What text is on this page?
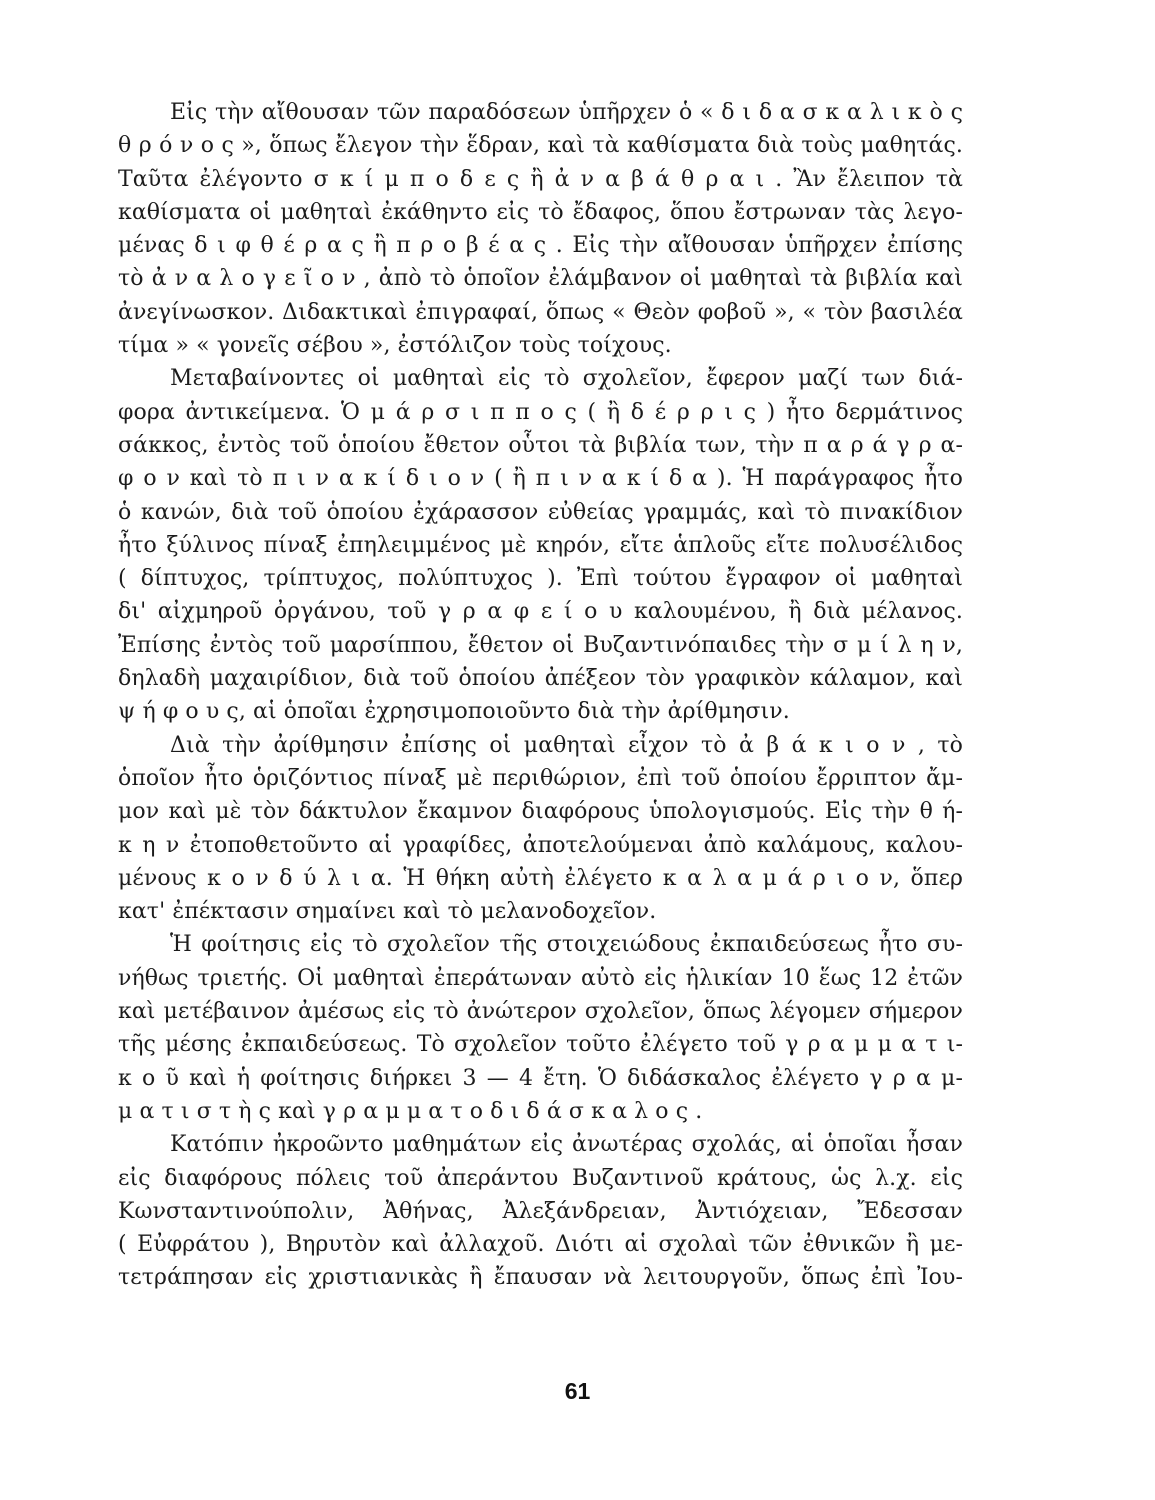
Εἰς τὴν αἴθουσαν τῶν παραδόσεων ὑπῆρχεν ὁ « δ ι δ α σ κ α λ ι κ ὸ ς
θ ρ ό ν ο ς », ὅπως ἔλεγον τὴν ἕδραν, καὶ τὰ καθίσματα διὰ τοὺς μαθητάς.
Ταῦτα ἐλέγοντο σ κ ί μ π ο δ ε ς ἢ ἀ ν α β ά θ ρ α ι . Ἂν ἔλειπον τὰ
καθίσματα οἱ μαθηταὶ ἐκάθηντο εἰς τὸ ἔδαφος, ὅπου ἔστρωναν τὰς λεγο-
μένας δ ι φ θ έ ρ α ς ἢ π ρ ο β έ α ς . Εἰς τὴν αἴθουσαν ὑπῆρχεν ἐπίσης
τὸ ἀ ν α λ ο γ ε ῖ ο ν , ἀπὸ τὸ ὁποῖον ἐλάμβανον οἱ μαθηταὶ τὰ βιβλία καὶ
ἀνεγίνωσκον. Διδακτικαὶ ἐπιγραφαί, ὅπως « Θεὸν φοβοῦ », « τὸν βασιλέα
τίμα » « γονεῖς σέβου », ἐστόλιζον τοὺς τοίχους.
Μεταβαίνοντες οἱ μαθηταὶ εἰς τὸ σχολεῖον, ἔφερον μαζί των διά-
φορα ἀντικείμενα. Ὁ μ ά ρ σ ι π π ο ς ( ἢ δ έ ρ ρ ι ς ) ἦτο δερμάτινος
σάκκος, ἐντὸς τοῦ ὁποίου ἔθετον οὗτοι τὰ βιβλία των, τὴν π α ρ ά γ ρ α-
φ ο ν καὶ τὸ π ι ν α κ ί δ ι ο ν ( ἢ π ι ν α κ ί δ α ). Ἡ παράγραφος ἦτο
ὁ κανών, διὰ τοῦ ὁποίου ἐχάρασσον εὐθείας γραμμάς, καὶ τὸ πινακίδιον
ἦτο ξύλινος πίναξ ἐπηλειμμένος μὲ κηρόν, εἴτε ἁπλοῦς εἴτε πολυσέλιδος
( δίπτυχος, τρίπτυχος, πολύπτυχος ). Ἐπὶ τούτου ἔγραφον οἱ μαθηταὶ
δι' αἰχμηροῦ ὀργάνου, τοῦ γ ρ α φ ε ί ο υ καλουμένου, ἢ διὰ μέλανος.
Ἐπίσης ἐντὸς τοῦ μαρσίππου, ἔθετον οἱ Βυζαντινόπαιδες τὴν σ μ ί λ η ν,
δηλαδὴ μαχαιρίδιον, διὰ τοῦ ὁποίου ἀπέξεον τὸν γραφικὸν κάλαμον, καὶ
ψ ή φ ο υ ς, αἱ ὁποῖαι ἐχρησιμοποιοῦντο διὰ τὴν ἀρίθμησιν.
Διὰ τὴν ἀρίθμησιν ἐπίσης οἱ μαθηταὶ εἶχον τὸ ἀ β ά κ ι ο ν , τὸ
ὁποῖον ἦτο ὁριζόντιος πίναξ μὲ περιθώριον, ἐπὶ τοῦ ὁποίου ἔρριπτον ἄμ-
μον καὶ μὲ τὸν δάκτυλον ἔκαμνον διαφόρους ὑπολογισμούς. Εἰς τὴν θ ή-
κ η ν ἐτοποθετοῦντο αἱ γραφίδες, ἀποτελούμεναι ἀπὸ καλάμους, καλου-
μένους κ ο ν δ ύ λ ι α. Ἡ θήκη αὐτὴ ἐλέγετο κ α λ α μ ά ρ ι ο ν, ὅπερ
κατ' ἐπέκτασιν σημαίνει καὶ τὸ μελανοδοχεῖον.
Ἡ φοίτησις εἰς τὸ σχολεῖον τῆς στοιχειώδους ἐκπαιδεύσεως ἦτο συ-
νήθως τριετής. Οἱ μαθηταὶ ἐπεράτωναν αὐτὸ εἰς ἡλικίαν 10 ἕως 12 ἐτῶν
καὶ μετέβαινον ἀμέσως εἰς τὸ ἀνώτερον σχολεῖον, ὅπως λέγομεν σήμερον
τῆς μέσης ἐκπαιδεύσεως. Τὸ σχολεῖον τοῦτο ἐλέγετο τοῦ γ ρ α μ μ α τ ι-
κ ο ῦ καὶ ἡ φοίτησις διήρκει 3 — 4 ἔτη. Ὁ διδάσκαλος ἐλέγετο γ ρ α μ-
μ α τ ι σ τ ὴ ς καὶ γ ρ α μ μ α τ ο δ ι δ ά σ κ α λ ο ς .
Κατόπιν ἠκροῶντο μαθημάτων εἰς ἀνωτέρας σχολάς, αἱ ὁποῖαι ἦσαν
εἰς διαφόρους πόλεις τοῦ ἀπεράντου Βυζαντινοῦ κράτους, ὡς λ.χ. εἰς
Κωνσταντινούπολιν, Ἀθήνας, Ἀλεξάνδρειαν, Ἀντιόχειαν, Ἔδεσσαν
( Εὐφράτου ), Βηρυτὸν καὶ ἀλλαχοῦ. Διότι αἱ σχολαὶ τῶν ἐθνικῶν ἢ με-
τετράπησαν εἰς χριστιανικὰς ἢ ἔπαυσαν νὰ λειτουργοῦν, ὅπως ἐπὶ Ἰου-
61
